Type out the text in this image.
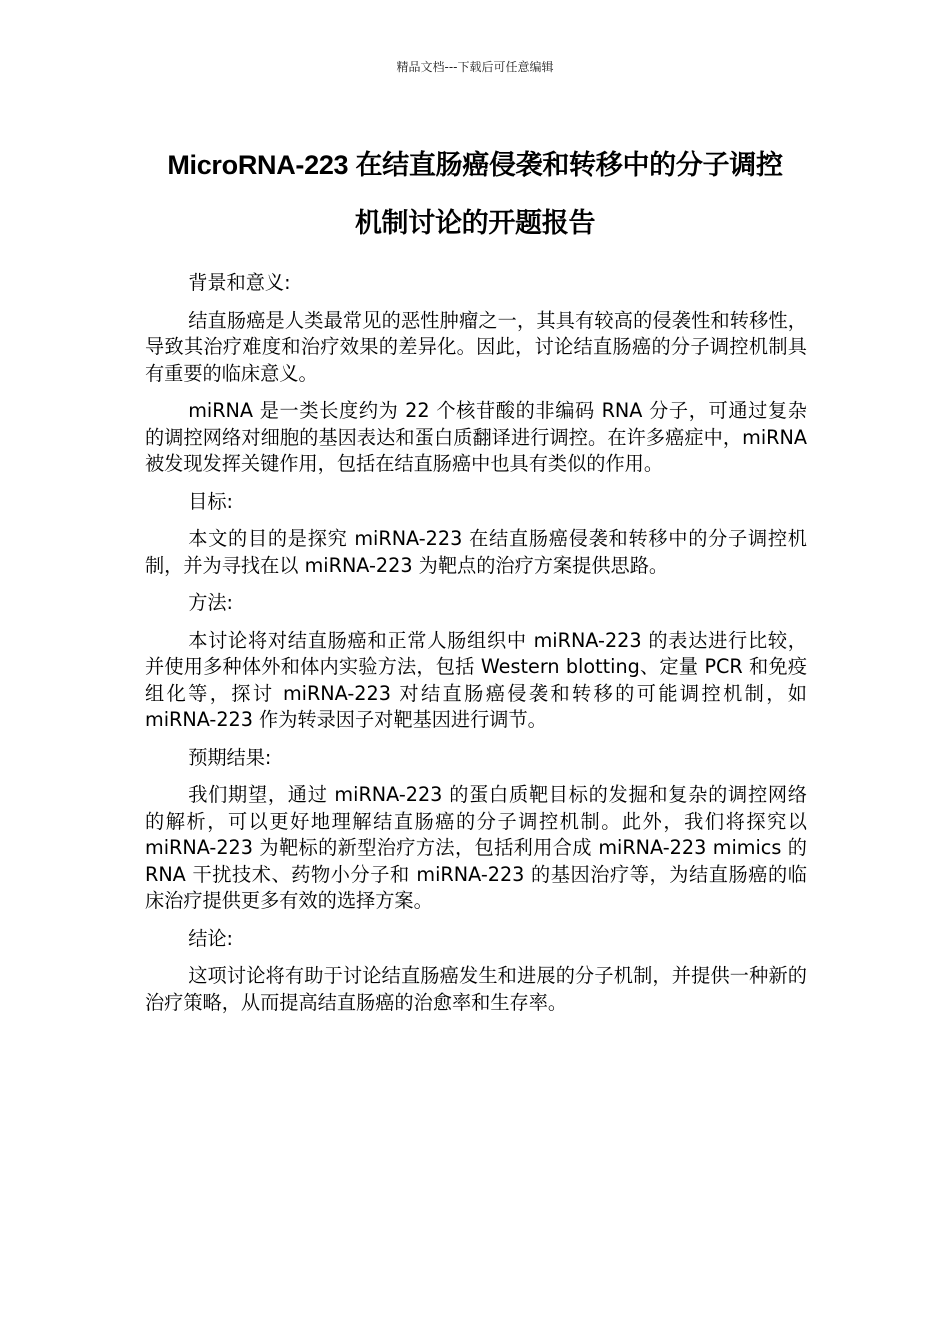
精品文档---下载后可任意编辑
MicroRNA-223 在结直肠癌侵袭和转移中的分子调控
机制讨论的开题报告

背景和意义:

结直肠癌是人类最常见的恶性肿瘤之一，其具有较高的侵袭性和转移性，导致其治疗难度和治疗效果的差异化。因此，讨论结直肠癌的分子调控机制具有重要的临床意义。

miRNA 是一类长度约为 22 个核苷酸的非编码 RNA 分子，可通过复杂的调控网络对细胞的基因表达和蛋白质翻译进行调控。在许多癌症中，miRNA 被发现发挥关键作用，包括在结直肠癌中也具有类似的作用。

目标:

本文的目的是探究 miRNA-223 在结直肠癌侵袭和转移中的分子调控机制，并为寻找在以 miRNA-223 为靶点的治疗方案提供思路。

方法:

本讨论将对结直肠癌和正常人肠组织中 miRNA-223 的表达进行比较，并使用多种体外和体内实验方法，包括 Western blotting、定量 PCR 和免疫组化等，探讨 miRNA-223 对结直肠癌侵袭和转移的可能调控机制，如 miRNA-223 作为转录因子对靶基因进行调节。

预期结果:

我们期望，通过 miRNA-223 的蛋白质靶目标的发掘和复杂的调控网络的解析，可以更好地理解结直肠癌的分子调控机制。此外，我们将探究以 miRNA-223 为靶标的新型治疗方法，包括利用合成 miRNA-223 mimics 的 RNA 干扰技术、药物小分子和 miRNA-223 的基因治疗等，为结直肠癌的临床治疗提供更多有效的选择方案。

结论:

这项讨论将有助于讨论结直肠癌发生和进展的分子机制，并提供一种新的治疗策略，从而提高结直肠癌的治愈率和生存率。
